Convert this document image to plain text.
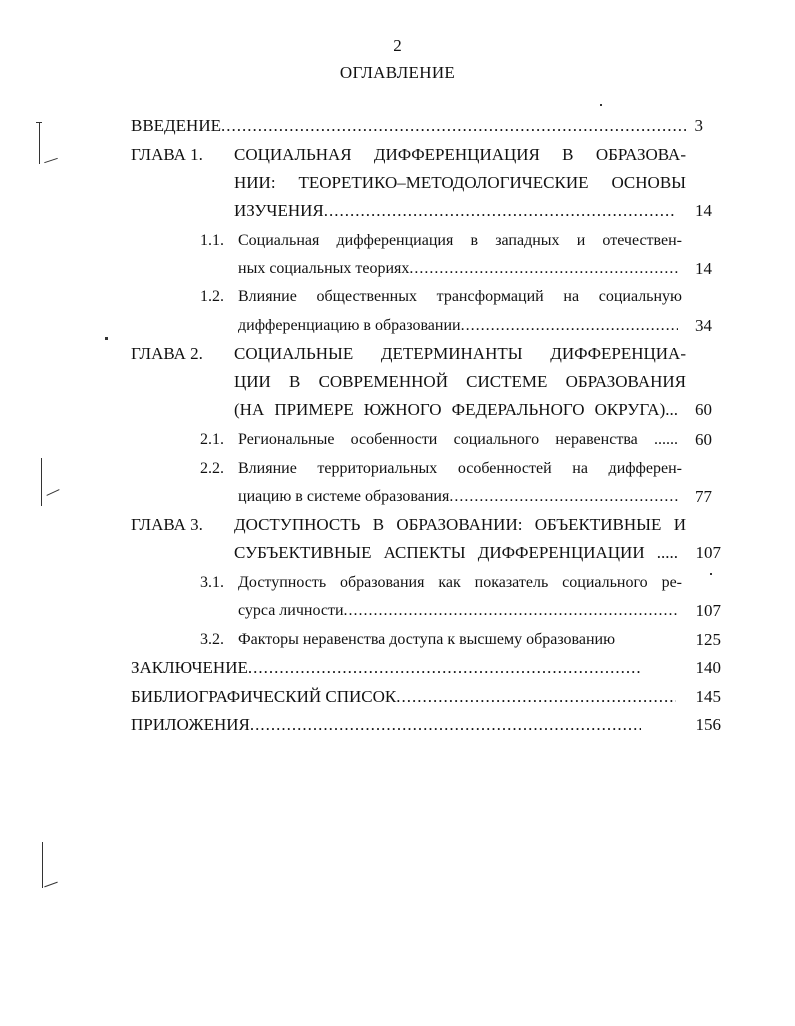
2
ОГЛАВЛЕНИЕ
ВВЕДЕНИЕ .....	3
ГЛАВА 1. СОЦИАЛЬНАЯ ДИФФЕРЕНЦИАЦИЯ В ОБРАЗОВА-
НИИ: ТЕОРЕТИКО–МЕТОДОЛОГИЧЕСКИЕ ОСНОВЫ
ИЗУЧЕНИЯ .....	14
1.1. Социальная дифференциация в западных и отечествен-
ных социальных теориях .....	14
1.2. Влияние общественных трансформаций на социальную
дифференциацию в образовании .....	34
ГЛАВА 2. СОЦИАЛЬНЫЕ ДЕТЕРМИНАНТЫ ДИФФЕРЕНЦИА-
ЦИИ В СОВРЕМЕННОЙ СИСТЕМЕ ОБРАЗОВАНИЯ
(НА ПРИМЕРЕ ЮЖНОГО ФЕДЕРАЛЬНОГО ОКРУГА)...	60
2.1. Региональные особенности социального неравенства ......	60
2.2. Влияние территориальных особенностей на дифферен-
циацию в системе образования .....	77
ГЛАВА 3. ДОСТУПНОСТЬ В ОБРАЗОВАНИИ: ОБЪЕКТИВНЫЕ И
СУБЪЕКТИВНЫЕ АСПЕКТЫ ДИФФЕРЕНЦИАЦИИ .....	107
3.1. Доступность образования как показатель социального ре-
сурса личности .....	107
3.2. Факторы неравенства доступа к высшему образованию	125
ЗАКЛЮЧЕНИЕ .....	140
БИБЛИОГРАФИЧЕСКИЙ СПИСОК .....	145
ПРИЛОЖЕНИЯ .....	156
